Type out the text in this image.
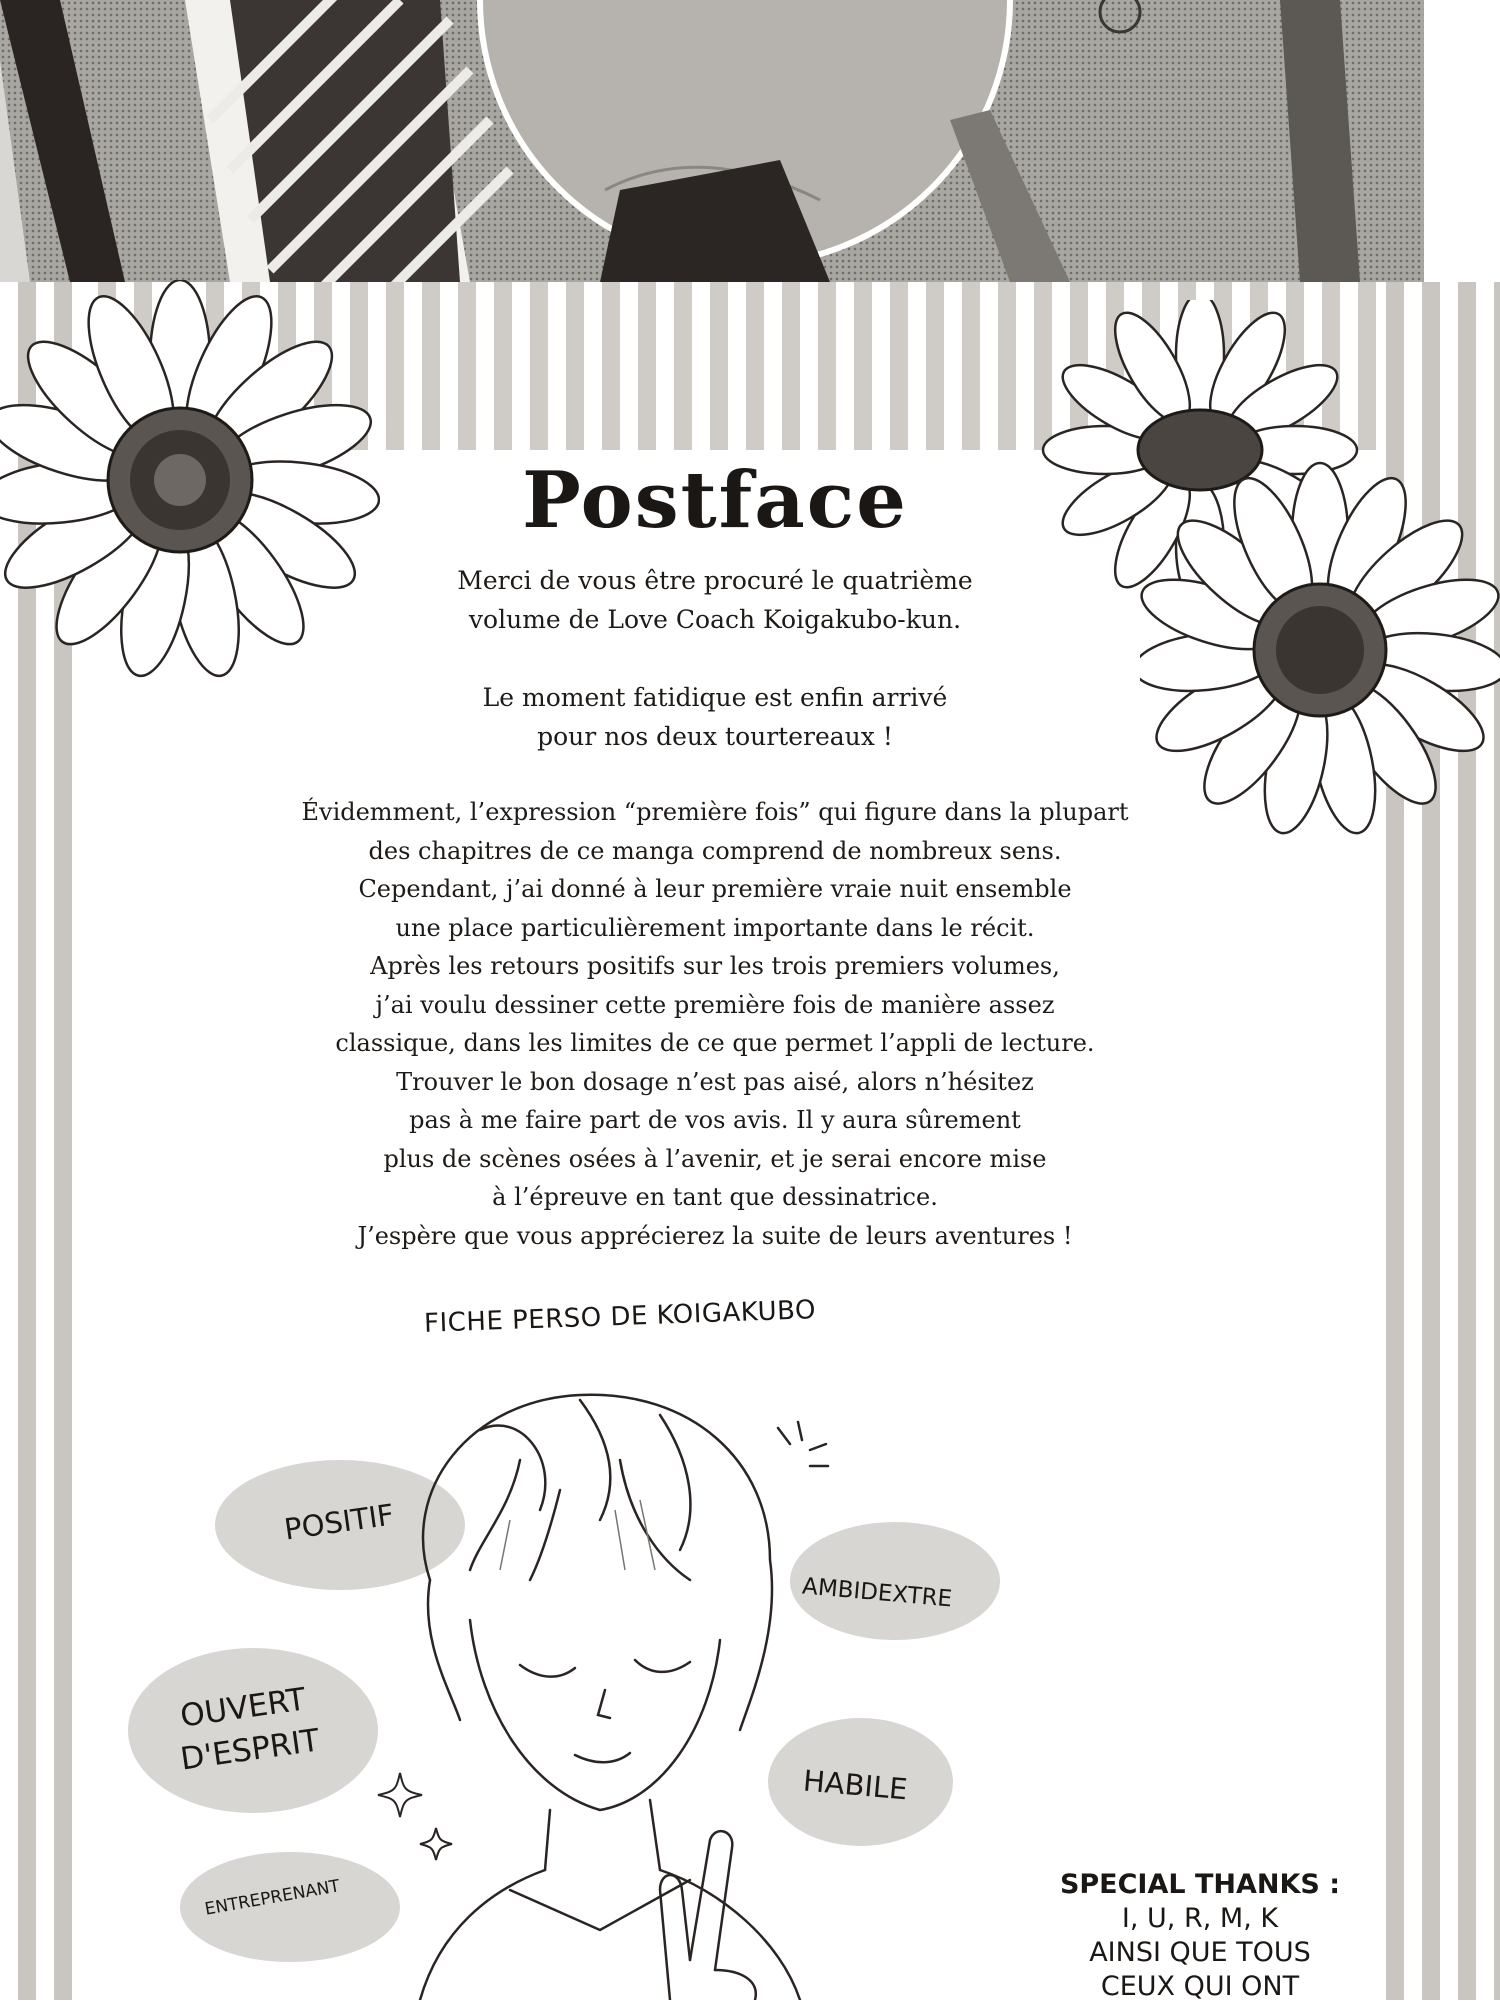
Postface
Merci de vous être procuré le quatrième
volume de Love Coach Koigakubo-kun.
Le moment fatidique est enfin arrivé
pour nos deux tourtereaux !
Évidemment, l’expression “première fois” qui figure dans la plupart
des chapitres de ce manga comprend de nombreux sens.
Cependant, j’ai donné à leur première vraie nuit ensemble
une place particulièrement importante dans le récit.
Après les retours positifs sur les trois premiers volumes,
j’ai voulu dessiner cette première fois de manière assez
classique, dans les limites de ce que permet l’appli de lecture.
Trouver le bon dosage n’est pas aisé, alors n’hésitez
pas à me faire part de vos avis. Il y aura sûrement
plus de scènes osées à l’avenir, et je serai encore mise
à l’épreuve en tant que dessinatrice.
J’espère que vous apprécierez la suite de leurs aventures !
FICHE PERSO DE KOIGAKUBO
POSITIF
AMBIDEXTRE
OUVERT
D'ESPRIT
HABILE
ENTREPRENANT	SPECIAL THANKS :
I, U, R, M, K
AINSI QUE TOUS
CEUX QUI ONT
